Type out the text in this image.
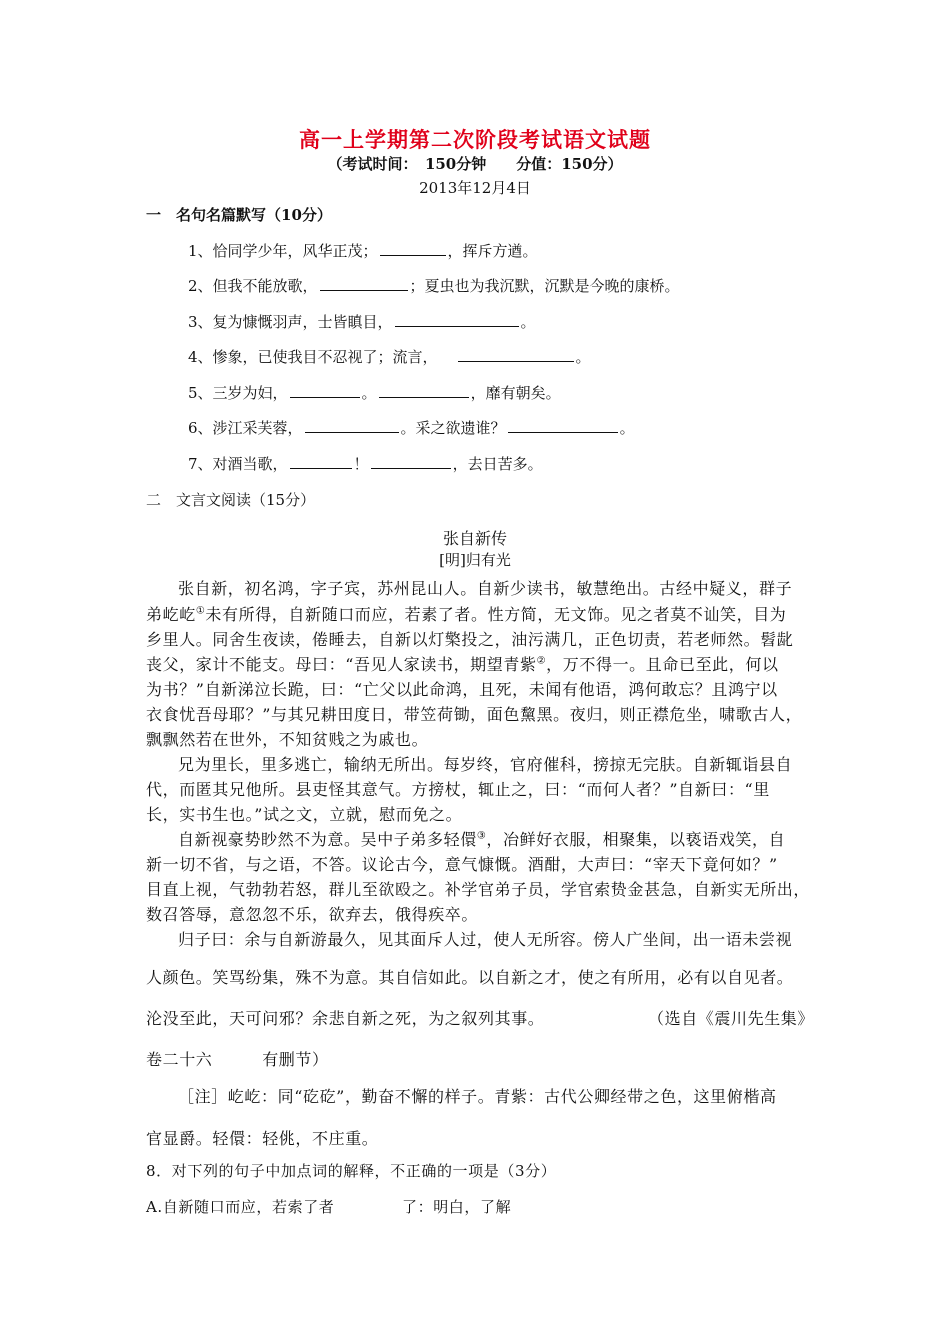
高一上学期第二次阶段考试语文试题
（考试时间：　150分钟　　分值：150分）
2013年12月4日
一　名句名篇默写（10分）
1、恰同学少年，风华正茂；	，挥斥方遒。
2、但我不能放歌，	；夏虫也为我沉默，沉默是今晚的康桥。
3、复为慷慨羽声，士皆瞋目，	。
4、惨象，已使我目不忍视了；流言，	。
5、三岁为妇，	。	，靡有朝矣。
6、涉江采芙蓉，	。采之欲遗谁？	。
7、对酒当歌，	！	，去日苦多。
二　文言文阅读（15分）
张自新传
[明]归有光
张自新，初名鸿，字子宾，苏州昆山人。自新少读书，敏慧绝出。古经中疑义，群子
弟屹屹①未有所得，自新随口而应，若素了者。性方简，无文饰。见之者莫不讪笑，目为
乡里人。同舍生夜读，倦睡去，自新以灯檠投之，油污满几，正色切责，若老师然。髫龀
丧父，家计不能支。母曰：“吾见人家读书，期望青紫②，万不得一。且命已至此，何以
为书？”自新涕泣长跪，曰：“亡父以此命鸿，且死，未闻有他语，鸿何敢忘？且鸿宁以
衣食忧吾母耶？”与其兄耕田度日，带笠荷锄，面色黧黑。夜归，则正襟危坐，啸歌古人，
飘飘然若在世外，不知贫贱之为戚也。
兄为里长，里多逃亡，输纳无所出。每岁终，官府催科，搒掠无完肤。自新辄诣县自
代，而匿其兄他所。县吏怪其意气。方搒杖，辄止之，曰：“而何人者？”自新曰：“里
长，实书生也。”试之文，立就，慰而免之。
自新视豪势眇然不为意。吴中子弟多轻儇③，冶鲜好衣服，相聚集，以亵语戏笑，自
新一切不省，与之语，不答。议论古今，意气慷慨。酒酣，大声曰：“宰天下竟何如？”
目直上视，气勃勃若怒，群儿至欲殴之。补学官弟子员，学官索贽金甚急，自新实无所出，
数召答辱，意忽忽不乐，欲弃去，俄得疾卒。
归子曰：余与自新游最久，见其面斥人过，使人无所容。傍人广坐间，出一语未尝视
人颜色。笑骂纷集，殊不为意。其自信如此。以自新之才，使之有所用，必有以自见者。
沦没至此，天可问邪？余悲自新之死，为之叙列其事。	（选自《震川先生集》
卷二十六　　　有删节）
［注］屹屹：同“矻矻”，勤奋不懈的样子。青紫：古代公卿经带之色，这里俯楷高
官显爵。轻儇：轻佻，不庄重。
8．对下列的句子中加点词的解释，不正确的一项是（3分）
A.自新随口而应，若索了者	了：明白，了解
